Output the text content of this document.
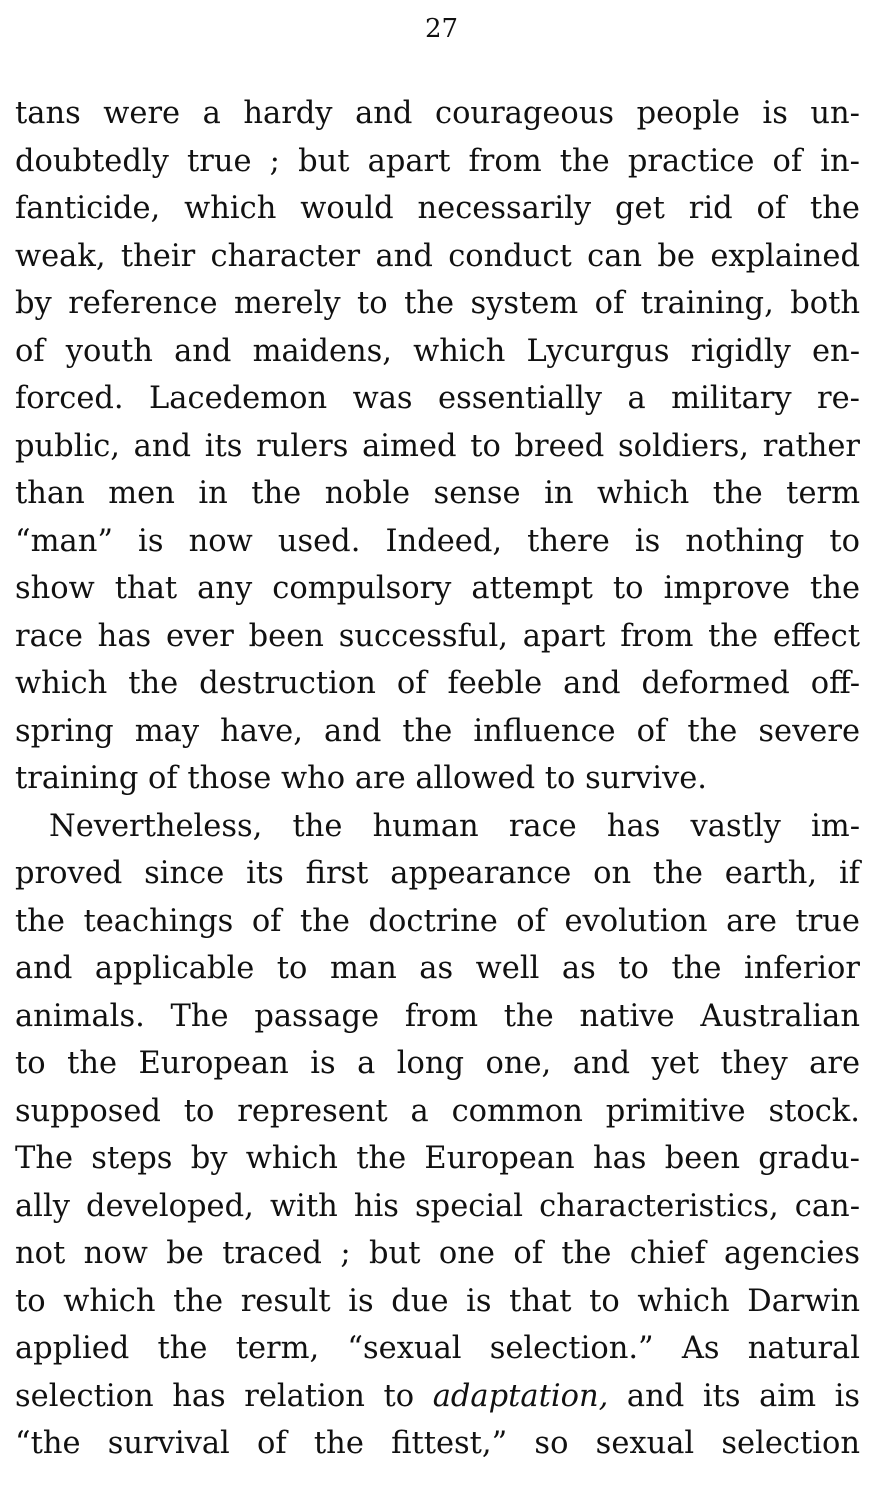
27
tans were a hardy and courageous people is un-
doubtedly true ; but apart from the practice of in-
fanticide, which would necessarily get rid of the
weak, their character and conduct can be explained
by reference merely to the system of training, both
of youth and maidens, which Lycurgus rigidly en-
forced. Lacedemon was essentially a military re-
public, and its rulers aimed to breed soldiers, rather
than men in the noble sense in which the term
“man” is now used. Indeed, there is nothing to
show that any compulsory attempt to improve the
race has ever been successful, apart from the effect
which the destruction of feeble and deformed off-
spring may have, and the influence of the severe
training of those who are allowed to survive.
Nevertheless, the human race has vastly im-
proved since its first appearance on the earth, if
the teachings of the doctrine of evolution are true
and applicable to man as well as to the inferior
animals. The passage from the native Australian
to the European is a long one, and yet they are
supposed to represent a common primitive stock.
The steps by which the European has been gradu-
ally developed, with his special characteristics, can-
not now be traced ; but one of the chief agencies
to which the result is due is that to which Darwin
applied the term, “sexual selection.” As natural
selection has relation to adaptation, and its aim is
“the survival of the fittest,” so sexual selection
